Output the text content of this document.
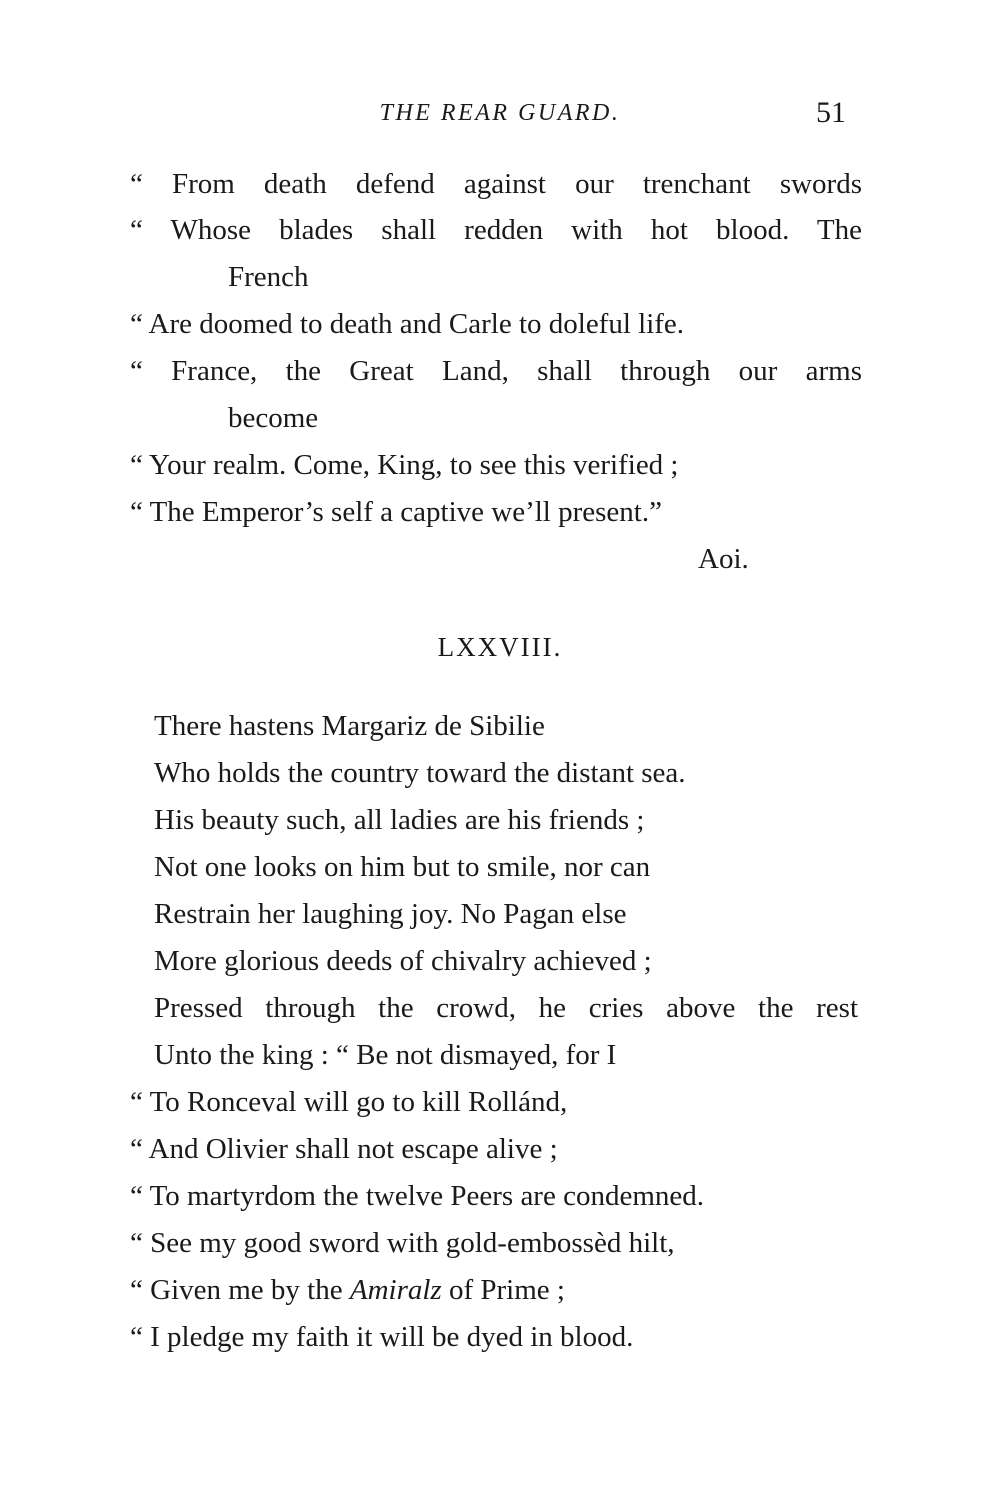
THE REAR GUARD.	51

“ From death defend against our trenchant swords

“ Whose blades shall redden with hot blood. The

French

“ Are doomed to death and Carle to doleful life.

“ France, the Great Land, shall through our arms

become

“ Your realm. Come, King, to see this verified ;

“ The Emperor’s self a captive we’ll present.”

Aoi.

LXXVIII.

There hastens Margariz de Sibilie

Who holds the country toward the distant sea.

His beauty such, all ladies are his friends ;

Not one looks on him but to smile, nor can

Restrain her laughing joy. No Pagan else

More glorious deeds of chivalry achieved ;

Pressed through the crowd, he cries above the rest

Unto the king : “ Be not dismayed, for I

“ To Ronceval will go to kill Rollánd,

“ And Olivier shall not escape alive ;

“ To martyrdom the twelve Peers are condemned.

“ See my good sword with gold-embossèd hilt,

“ Given me by the Amiralz of Prime ;

“ I pledge my faith it will be dyed in blood.
